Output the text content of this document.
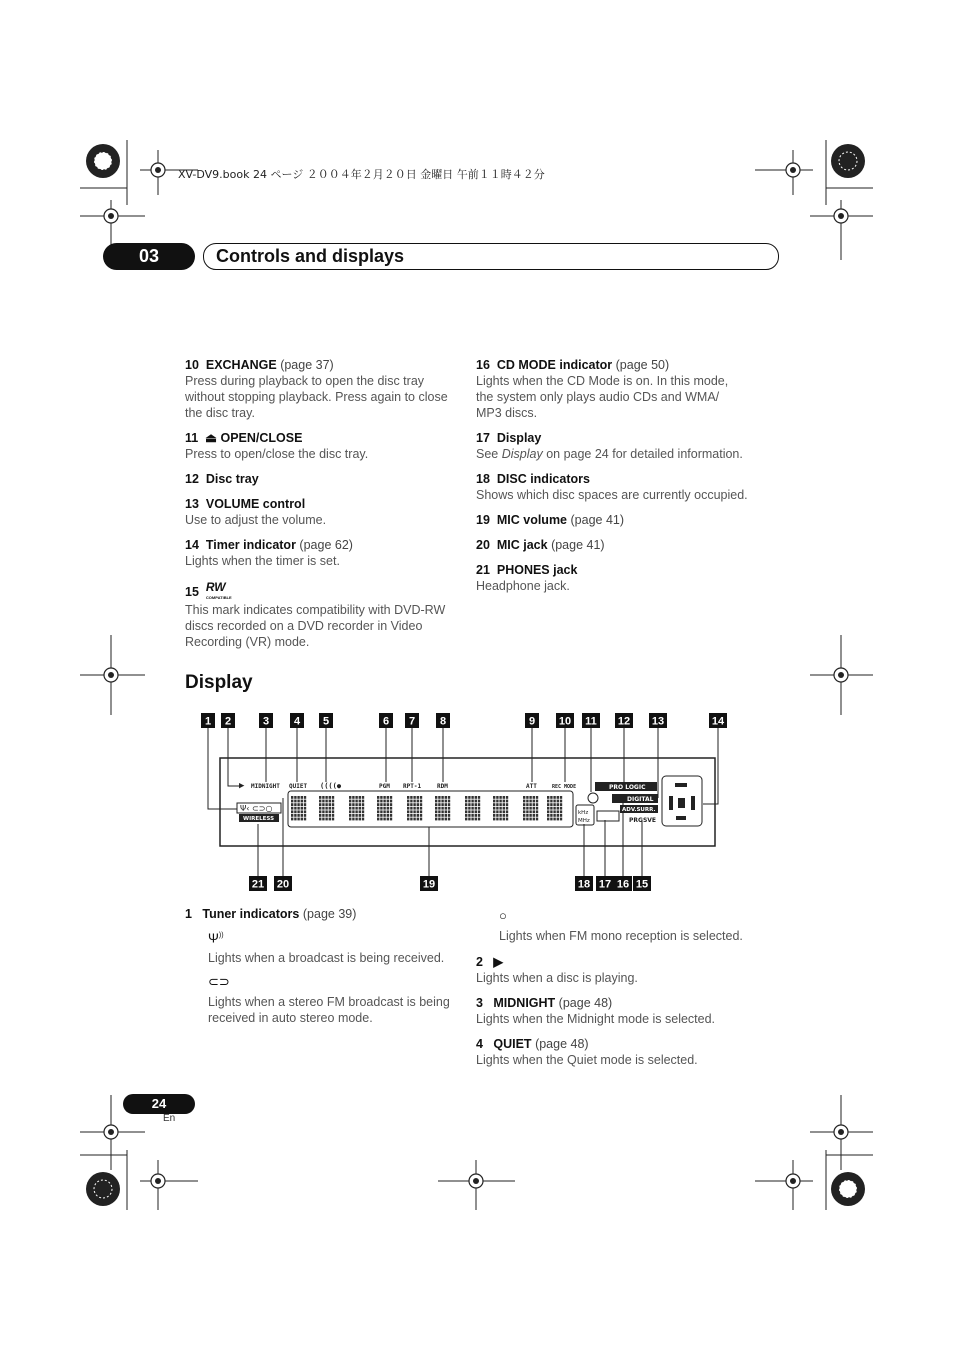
XV-DV9.book 24 ページ ２００４年２月２０日 金曜日 午前１１時４２分
03	Controls and displays
10 EXCHANGE (page 37)
Press during playback to open the disc tray without stopping playback. Press again to close the disc tray.
11 ⏏ OPEN/CLOSE
Press to open/close the disc tray.
12 Disc tray
13 VOLUME control
Use to adjust the volume.
14 Timer indicator (page 62)
Lights when the timer is set.
15 RW
COMPATIBLE
This mark indicates compatibility with DVD-RW discs recorded on a DVD recorder in Video Recording (VR) mode.
16 CD MODE indicator (page 50)
Lights when the CD Mode is on. In this mode, the system only plays audio CDs and WMA/ MP3 discs.
17 Display
See Display on page 24 for detailed information.
18 DISC indicators
Shows which disc spaces are currently occupied.
19 MIC volume (page 41)
20 MIC jack (page 41)
21 PHONES jack
Headphone jack.
Display
1 2	3 4 5	6 7 8	9 10 11 12 13	14
21 20	19	18 17 16 15
▶ MIDNIGHT QUIET ((((●	PGM RPT-1	RDM	ATT	REC MODE	PRO LOGIC
DIGITAL
ADV.SURR.
PRGSVE
kHz
MHz
Ψ‹ ⊂⊃○
WIRELESS
1 Tuner indicators (page 39)
Ψ))
Lights when a broadcast is being received.
⊂⊃
Lights when a stereo FM broadcast is being received in auto stereo mode.
○
Lights when FM mono reception is selected.
2 ▶
Lights when a disc is playing.
3 MIDNIGHT (page 48)
Lights when the Midnight mode is selected.
4 QUIET (page 48)
Lights when the Quiet mode is selected.
24
En
